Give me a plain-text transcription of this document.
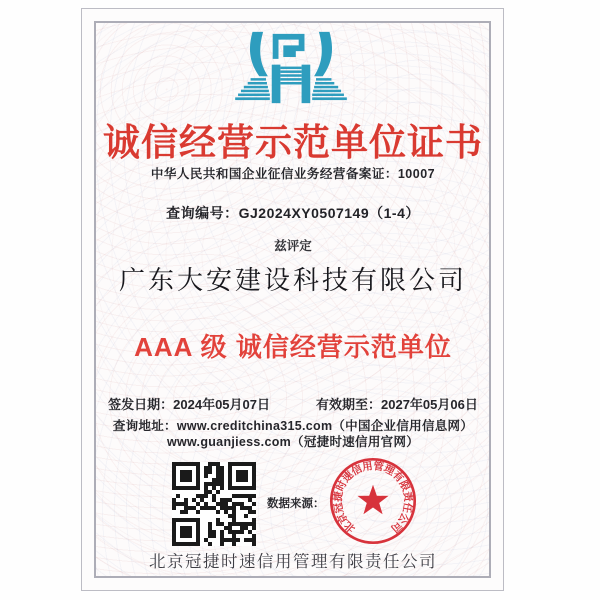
诚信经营示范单位证书
中华人民共和国企业征信业务经营备案证：10007
查询编号：GJ2024XY0507149（1-4）
兹评定
广东大安建设科技有限公司
AAA 级 诚信经营示范单位
签发日期：2024年05月07日	有效期至：2027年05月06日
查询地址：www.creditchina315.com（中国企业信用信息网）
www.guanjiess.com（冠捷时速信用官网）
数据来源：
北
京
冠
捷
时
速
信
用
管
理
有
限
责
任
公
司
北京冠捷时速信用管理有限责任公司
